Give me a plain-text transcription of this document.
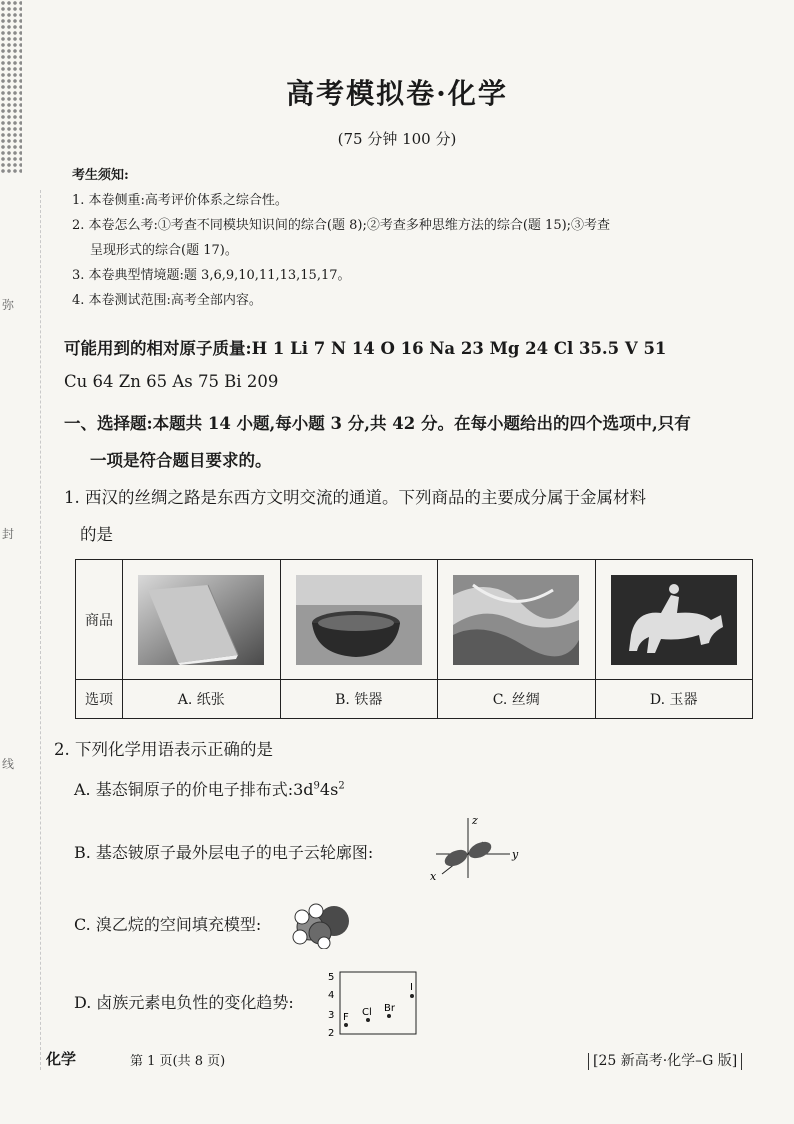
弥
封
线
高考模拟卷·化学
(75 分钟 100 分)
考生须知:
1. 本卷侧重:高考评价体系之综合性。
2. 本卷怎么考:①考查不同模块知识间的综合(题 8);②考查多种思维方法的综合(题 15);③考查
呈现形式的综合(题 17)。
3. 本卷典型情境题:题 3,6,9,10,11,13,15,17。
4. 本卷测试范围:高考全部内容。
可能用到的相对原子质量:H 1 Li 7 N 14 O 16 Na 23 Mg 24 Cl 35.5 V 51
Cu 64 Zn 65 As 75 Bi 209
一、选择题:本题共 14 小题,每小题 3 分,共 42 分。在每小题给出的四个选项中,只有
一项是符合题目要求的。
1. 西汉的丝绸之路是东西方文明交流的通道。下列商品的主要成分属于金属材料
的是
商品				
选项	A. 纸张	B. 铁器	C. 丝绸	D. 玉器
2. 下列化学用语表示正确的是
A. 基态铜原子的价电子排布式$:3d^94s^2$
B. 基态铍原子最外层电子的电子云轮廓图:
z
y
x
C. 溴乙烷的空间填充模型:
D. 卤族元素电负性的变化趋势:
5
4
3
2
F Cl Br
I
化学	第 1 页(共 8 页)	[25 新高考·化学–G 版]
